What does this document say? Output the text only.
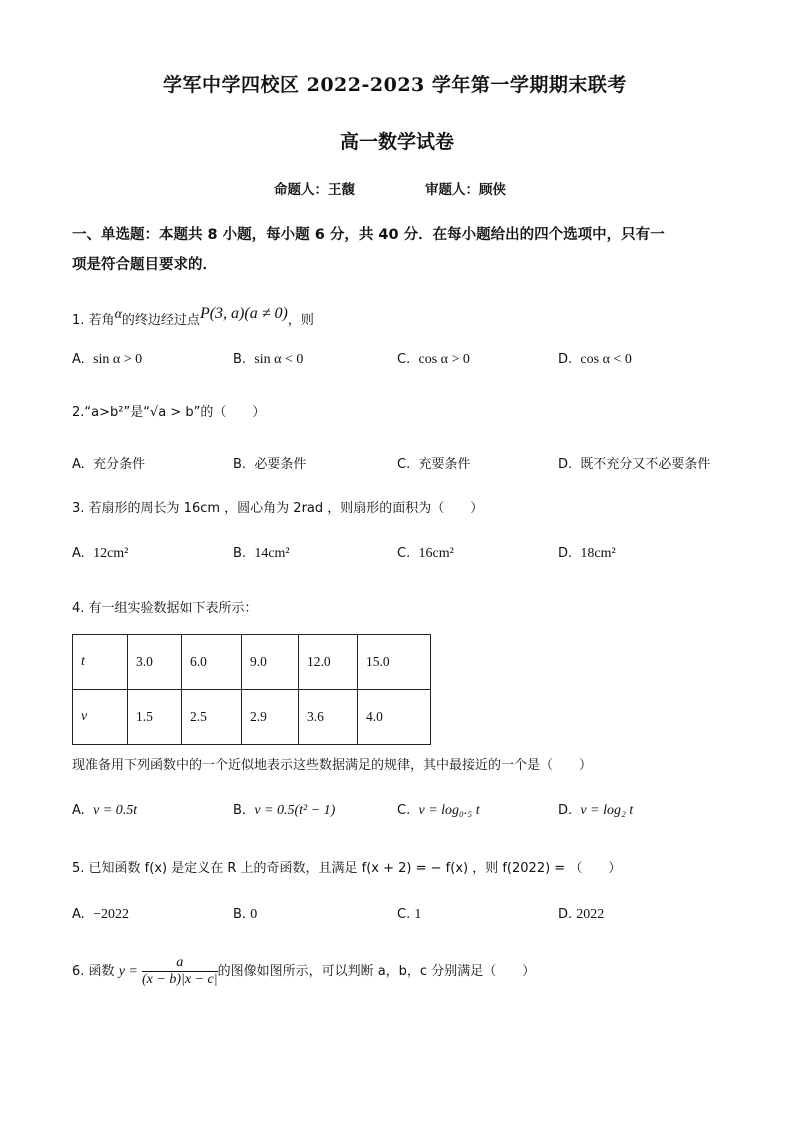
学军中学四校区 2022-2023 学年第一学期期末联考
高一数学试卷
命题人：王馥	审题人：顾侠
一、单选题：本题共 8 小题，每小题 6 分，共 40 分．在每小题给出的四个选项中，只有一
项是符合题目要求的．
1. 若角α的终边经过点P(3, a)(a ≠ 0)，则
A. sin α > 0	B. sin α < 0	C. cos α > 0	D. cos α < 0
2.“a>b²”是“√a > b”的（　　）
A. 充分条件	B. 必要条件	C. 充要条件	D. 既不充分又不必要条件
3. 若扇形的周长为 16cm ，圆心角为 2rad ，则扇形的面积为（　　）
A. 12cm²	B. 14cm²	C. 16cm²	D. 18cm²
4. 有一组实验数据如下表所示：
t	3.0	6.0	9.0	12.0	15.0
v	1.5	2.5	2.9	3.6	4.0
现准备用下列函数中的一个近似地表示这些数据满足的规律，其中最接近的一个是（　　）
A. v = 0.5t	B. v = 0.5(t² − 1)	C. v = log₀.₅ t	D. v = log₂ t
5. 已知函数 f(x) 是定义在 R 上的奇函数，且满足 f(x + 2) = − f(x) ，则 f(2022) = （　　）
A. −2022	B. 0	C. 1	D. 2022
6. 函数 $y = \frac{a}{(x - b)|x - c|}$ 的图像如图所示，可以判断 a，b，c 分别满足（　　）
